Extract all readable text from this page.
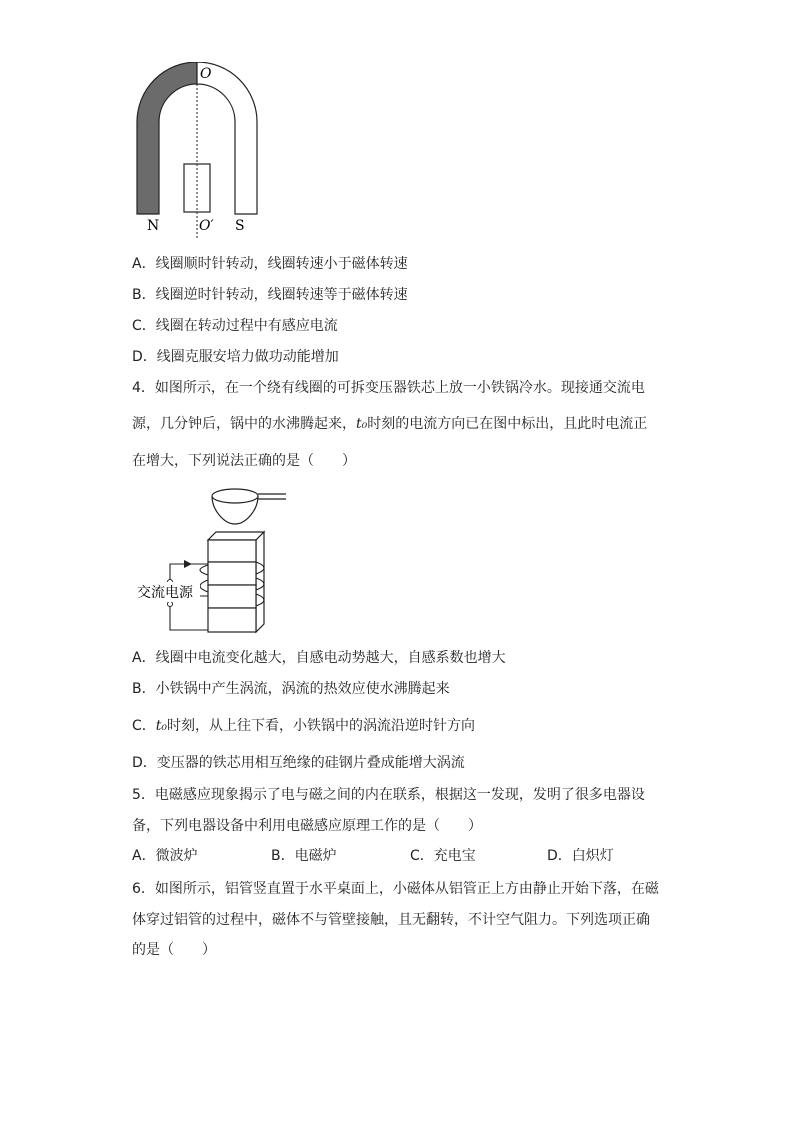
O
O′
N	S
A．线圈顺时针转动，线圈转速小于磁体转速
B．线圈逆时针转动，线圈转速等于磁体转速
C．线圈在转动过程中有感应电流
D．线圈克服安培力做功动能增加
4．如图所示，在一个绕有线圈的可拆变压器铁芯上放一小铁锅冷水。现接通交流电
源，几分钟后，锅中的水沸腾起来，t₀时刻的电流方向已在图中标出，且此时电流正
在增大，下列说法正确的是（　　）
交流电源
A．线圈中电流变化越大，自感电动势越大，自感系数也增大
B．小铁锅中产生涡流，涡流的热效应使水沸腾起来
C．t₀时刻，从上往下看，小铁锅中的涡流沿逆时针方向
D．变压器的铁芯用相互绝缘的硅钢片叠成能增大涡流
5．电磁感应现象揭示了电与磁之间的内在联系，根据这一发现，发明了很多电器设
备，下列电器设备中利用电磁感应原理工作的是（　　）
A．微波炉	B．电磁炉	C．充电宝	D．白炽灯
6．如图所示，铝管竖直置于水平桌面上，小磁体从铝管正上方由静止开始下落，在磁
体穿过铝管的过程中，磁体不与管壁接触，且无翻转，不计空气阻力。下列选项正确
的是（　　）
